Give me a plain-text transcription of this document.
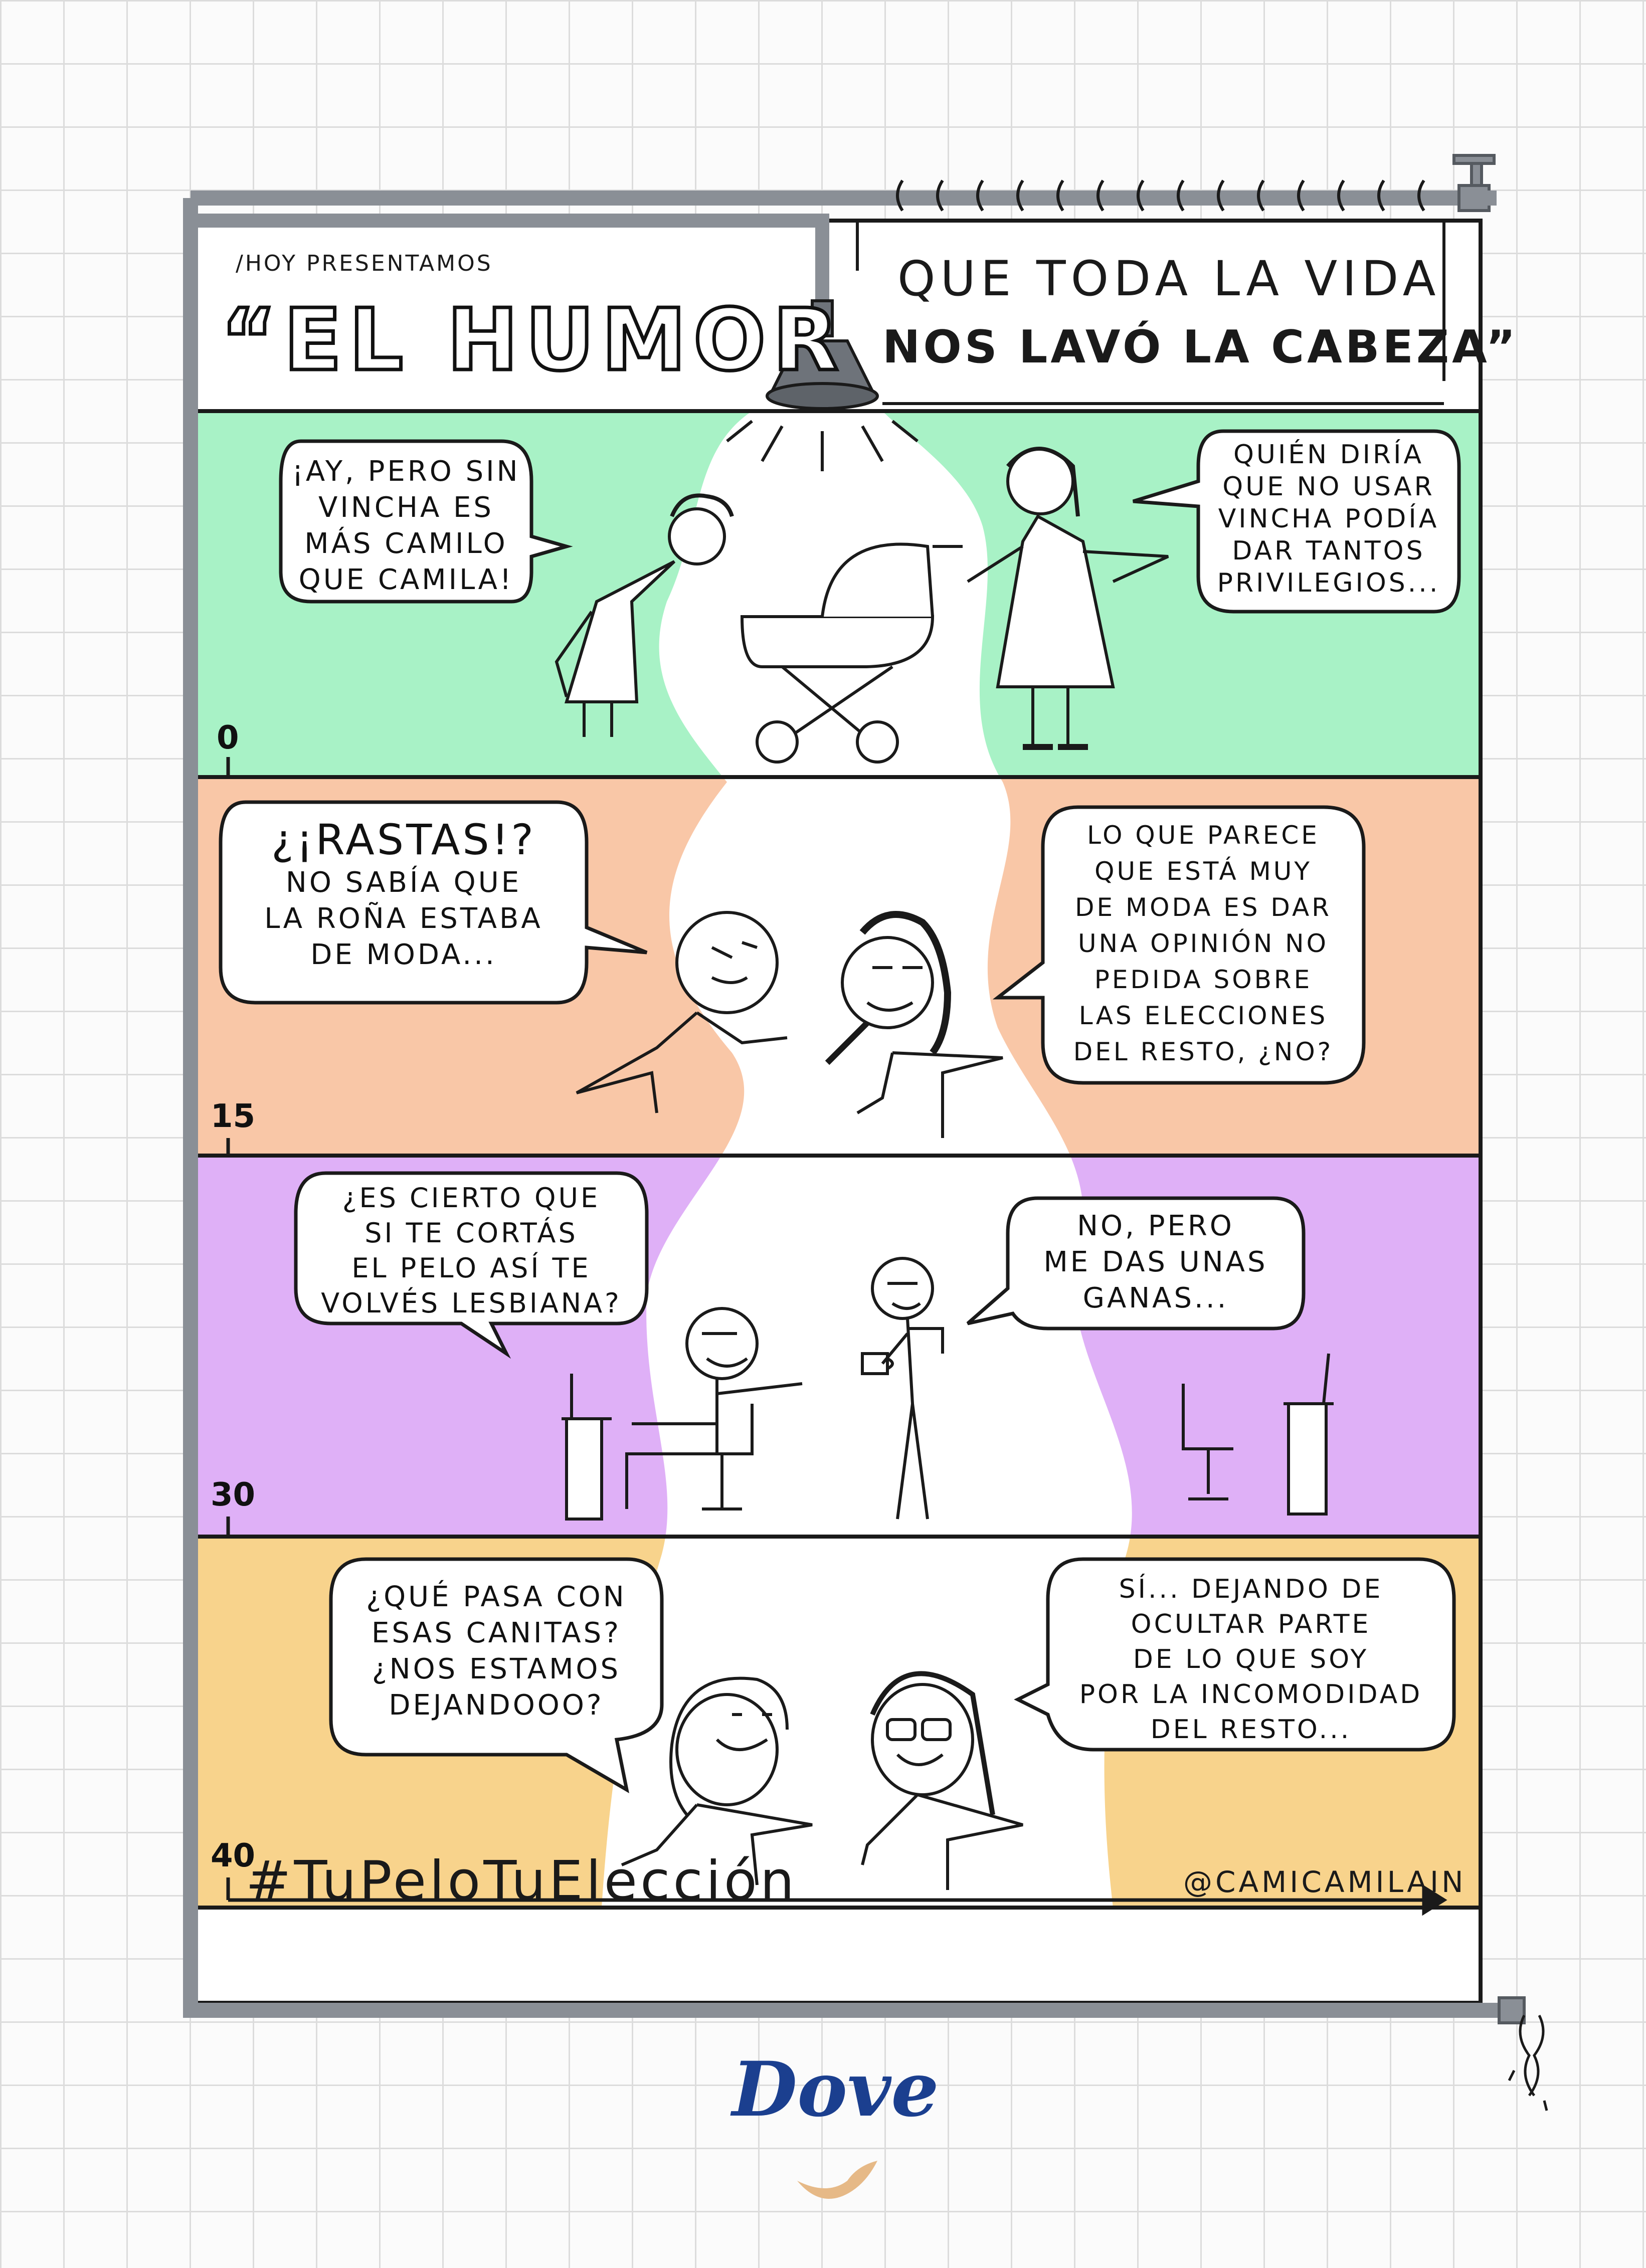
/HOY PRESENTAMOS
“EL HUMOR
QUE TODA LA VIDA
NOS LAVÓ LA CABEZA”
¡AY, PERO SIN
VINCHA ES
MÁS CAMILO
QUE CAMILA!
QUIÉN DIRÍA
QUE NO USAR
VINCHA PODÍA
DAR TANTOS
PRIVILEGIOS...
0
¿¡RASTAS!?
NO SABÍA QUE
LA ROÑA ESTABA
DE MODA...
LO QUE PARECE
QUE ESTÁ MUY
DE MODA ES DAR
UNA OPINIÓN NO
PEDIDA SOBRE
LAS ELECCIONES
DEL RESTO, ¿NO?
15
¿ES CIERTO QUE
SI TE CORTÁS
EL PELO ASÍ TE
VOLVÉS LESBIANA?
NO, PERO
ME DAS UNAS
GANAS...
30
¿QUÉ PASA CON
ESAS CANITAS?
¿NOS ESTAMOS
DEJANDOOO?
SÍ... DEJANDO DE
OCULTAR PARTE
DE LO QUE SOY
POR LA INCOMODIDAD
DEL RESTO...
40
#TuPeloTuElección	@CAMICAMILAIN
Dove
